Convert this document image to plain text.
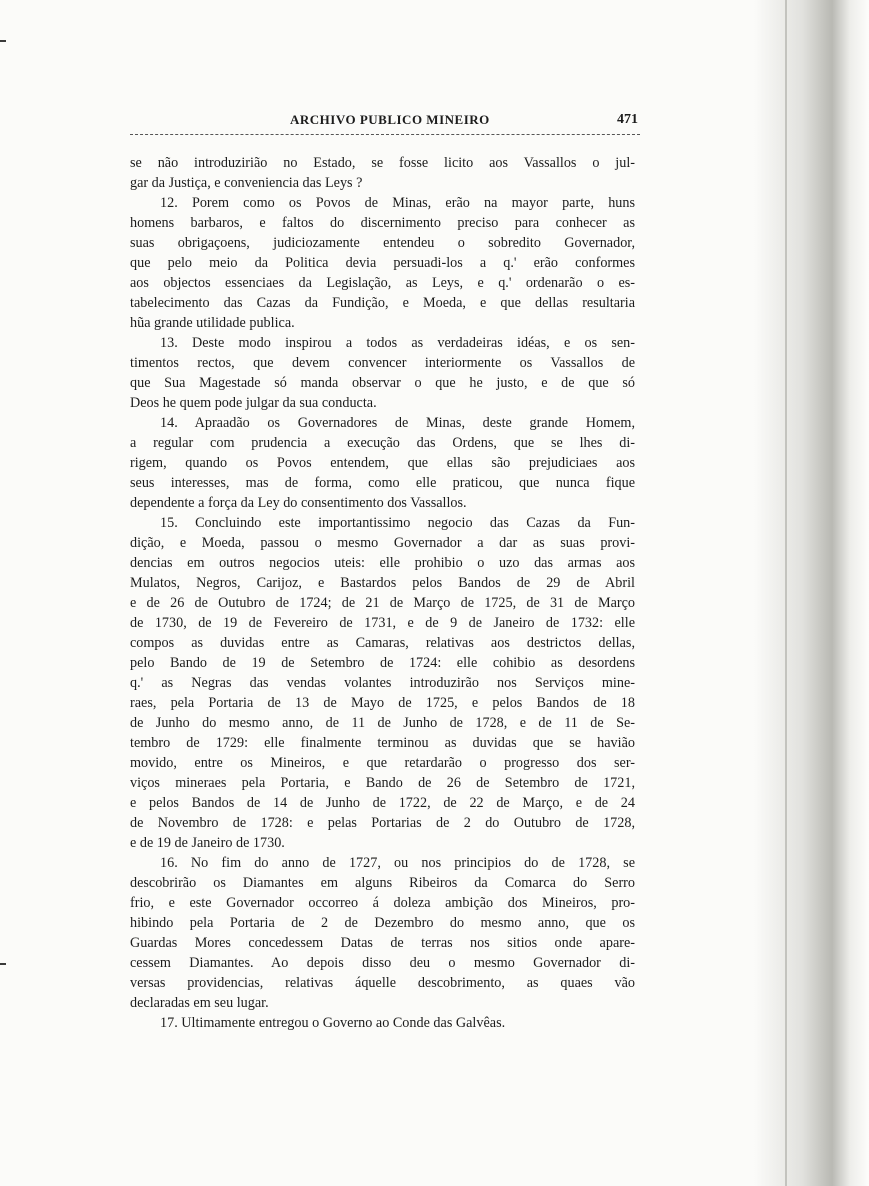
ARCHIVO PUBLICO MINEIRO	471
se não introduzirião no Estado, se fosse licito aos Vassallos o jul-
gar da Justiça, e conveniencia das Leys ?
12. Porem como os Povos de Minas, erão na mayor parte, huns
homens barbaros, e faltos do discernimento preciso para conhecer as
suas obrigaçoens, judiciozamente entendeu o sobredito Governador,
que pelo meio da Politica devia persuadi-los a q.' erão conformes
aos objectos essenciaes da Legislação, as Leys, e q.' ordenarão o es-
tabelecimento das Cazas da Fundição, e Moeda, e que dellas resultaria
hũa grande utilidade publica.
13. Deste modo inspirou a todos as verdadeiras idéas, e os sen-
timentos rectos, que devem convencer interiormente os Vassallos de
que Sua Magestade só manda observar o que he justo, e de que só
Deos he quem pode julgar da sua conducta.
14. Apraadão os Governadores de Minas, deste grande Homem,
a regular com prudencia a execução das Ordens, que se lhes di-
rigem, quando os Povos entendem, que ellas são prejudiciaes aos
seus interesses, mas de forma, como elle praticou, que nunca fique
dependente a força da Ley do consentimento dos Vassallos.
15. Concluindo este importantissimo negocio das Cazas da Fun-
dição, e Moeda, passou o mesmo Governador a dar as suas provi-
dencias em outros negocios uteis: elle prohibio o uzo das armas aos
Mulatos, Negros, Carijoz, e Bastardos pelos Bandos de 29 de Abril
e de 26 de Outubro de 1724; de 21 de Março de 1725, de 31 de Março
de 1730, de 19 de Fevereiro de 1731, e de 9 de Janeiro de 1732: elle
compos as duvidas entre as Camaras, relativas aos destrictos dellas,
pelo Bando de 19 de Setembro de 1724: elle cohibio as desordens
q.' as Negras das vendas volantes introduzirão nos Serviços mine-
raes, pela Portaria de 13 de Mayo de 1725, e pelos Bandos de 18
de Junho do mesmo anno, de 11 de Junho de 1728, e de 11 de Se-
tembro de 1729: elle finalmente terminou as duvidas que se havião
movido, entre os Mineiros, e que retardarão o progresso dos ser-
viços mineraes pela Portaria, e Bando de 26 de Setembro de 1721,
e pelos Bandos de 14 de Junho de 1722, de 22 de Março, e de 24
de Novembro de 1728: e pelas Portarias de 2 do Outubro de 1728,
e de 19 de Janeiro de 1730.
16. No fim do anno de 1727, ou nos principios do de 1728, se
descobrirão os Diamantes em alguns Ribeiros da Comarca do Serro
frio, e este Governador occorreo á doleza ambição dos Mineiros, pro-
hibindo pela Portaria de 2 de Dezembro do mesmo anno, que os
Guardas Mores concedessem Datas de terras nos sitios onde apare-
cessem Diamantes. Ao depois disso deu o mesmo Governador di-
versas providencias, relativas áquelle descobrimento, as quaes vão
declaradas em seu lugar.
17. Ultimamente entregou o Governo ao Conde das Galvêas.
